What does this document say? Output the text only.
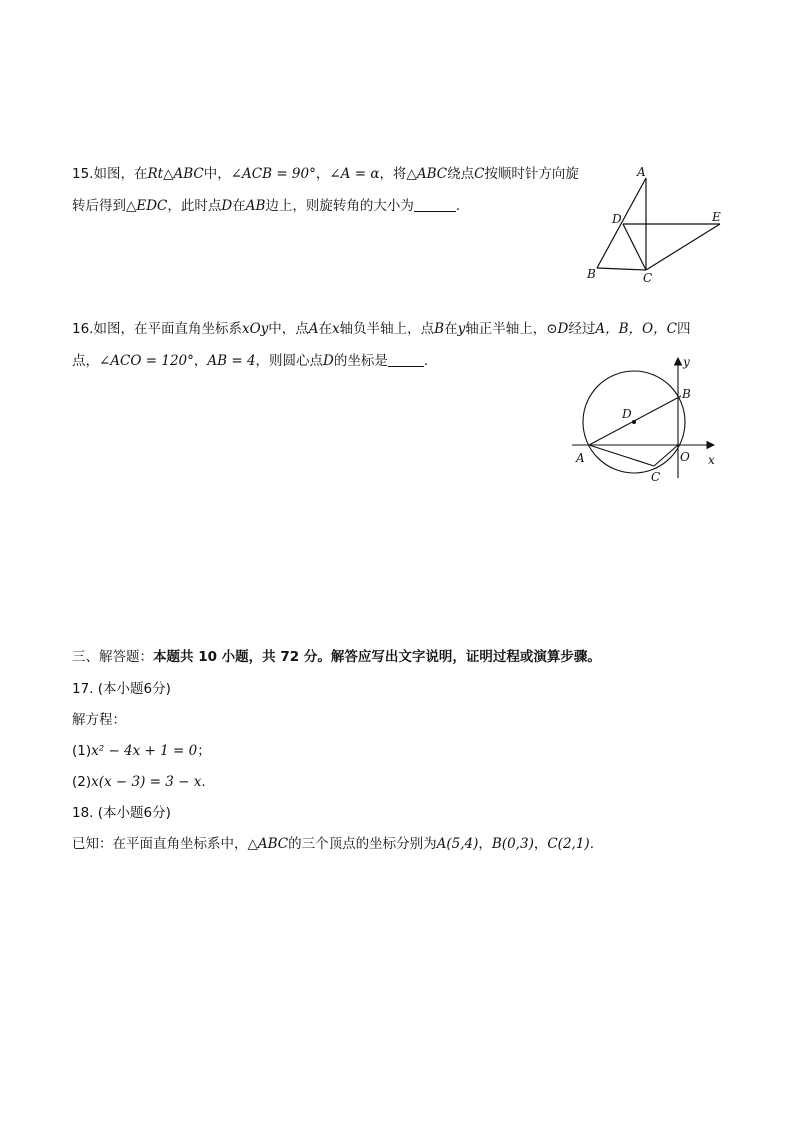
15.如图，在Rt△ABC中，∠ACB = 90°，∠A = α，将△ABC绕点C按顺时针方向旋
转后得到△EDC，此时点D在AB边上，则旋转角的大小为	.
A
D	E
B	C
16.如图，在平面直角坐标系xOy中，点A在x轴负半轴上，点B在y轴正半轴上，⊙D经过A，B，O，C四
点，∠ACO = 120°，AB = 4，则圆心点D的坐标是	.	y
B
D
A	O x
C
三、解答题：本题共 10 小题，共 72 分。解答应写出文字说明，证明过程或演算步骤。
17. (本小题6分)
解方程：
(1)x² − 4x + 1 = 0；
(2)x(x − 3) = 3 − x.
18. (本小题6分)
已知：在平面直角坐标系中，△ABC的三个顶点的坐标分别为A(5,4)，B(0,3)，C(2,1).
